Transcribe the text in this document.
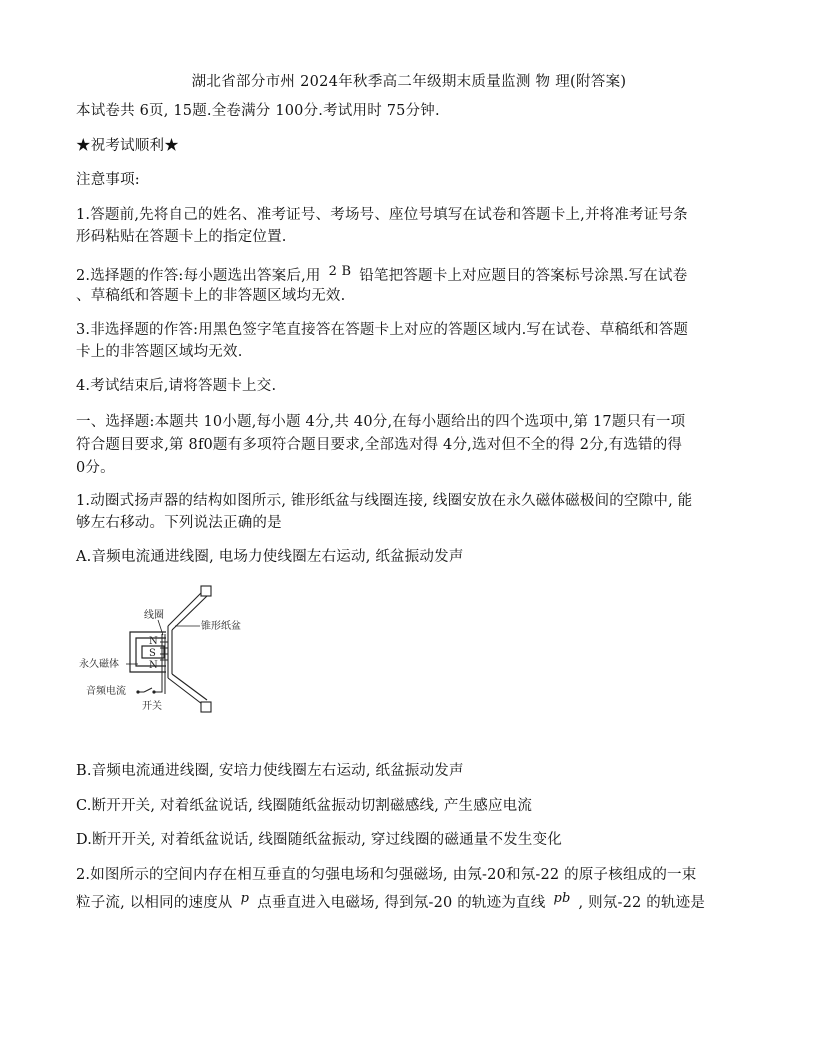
湖北省部分市州 2024年秋季高二年级期末质量监测 物 理(附答案)
本试卷共 6页, 15题.全卷满分 100分.考试用时 75分钟.
★祝考试顺利★
注意事项:
1.答题前,先将自己的姓名、准考证号、考场号、座位号填写在试卷和答题卡上,并将准考证号条
形码粘贴在答题卡上的指定位置.
2.选择题的作答:每小题选出答案后,用 2 B 铅笔把答题卡上对应题目的答案标号涂黑.写在试卷
、草稿纸和答题卡上的非答题区域均无效.
3.非选择题的作答:用黑色签字笔直接答在答题卡上对应的答题区域内.写在试卷、草稿纸和答题
卡上的非答题区域均无效.
4.考试结束后,请将答题卡上交.
一、选择题:本题共 10小题,每小题 4分,共 40分,在每小题给出的四个选项中,第 17题只有一项
符合题目要求,第 8f0题有多项符合题目要求,全部选对得 4分,选对但不全的得 2分,有选错的得
0分。
1.动圈式扬声器的结构如图所示, 锥形纸盆与线圈连接, 线圈安放在永久磁体磁极间的空隙中, 能
够左右移动。下列说法正确的是
A.音频电流通进线圈, 电场力使线圈左右运动, 纸盆振动发声
N
S
N
线圈
锥形纸盆
永久磁体
音频电流
开关
B.音频电流通进线圈, 安培力使线圈左右运动, 纸盆振动发声
C.断开开关, 对着纸盆说话, 线圈随纸盆振动切割磁感线, 产生感应电流
D.断开开关, 对着纸盆说话, 线圈随纸盆振动, 穿过线圈的磁通量不发生变化
2.如图所示的空间内存在相互垂直的匀强电场和匀强磁场, 由氖-20和氖-22 的原子核组成的一束
粒子流, 以相同的速度从 p 点垂直进入电磁场, 得到氖-20 的轨迹为直线 pb , 则氖-22 的轨迹是
